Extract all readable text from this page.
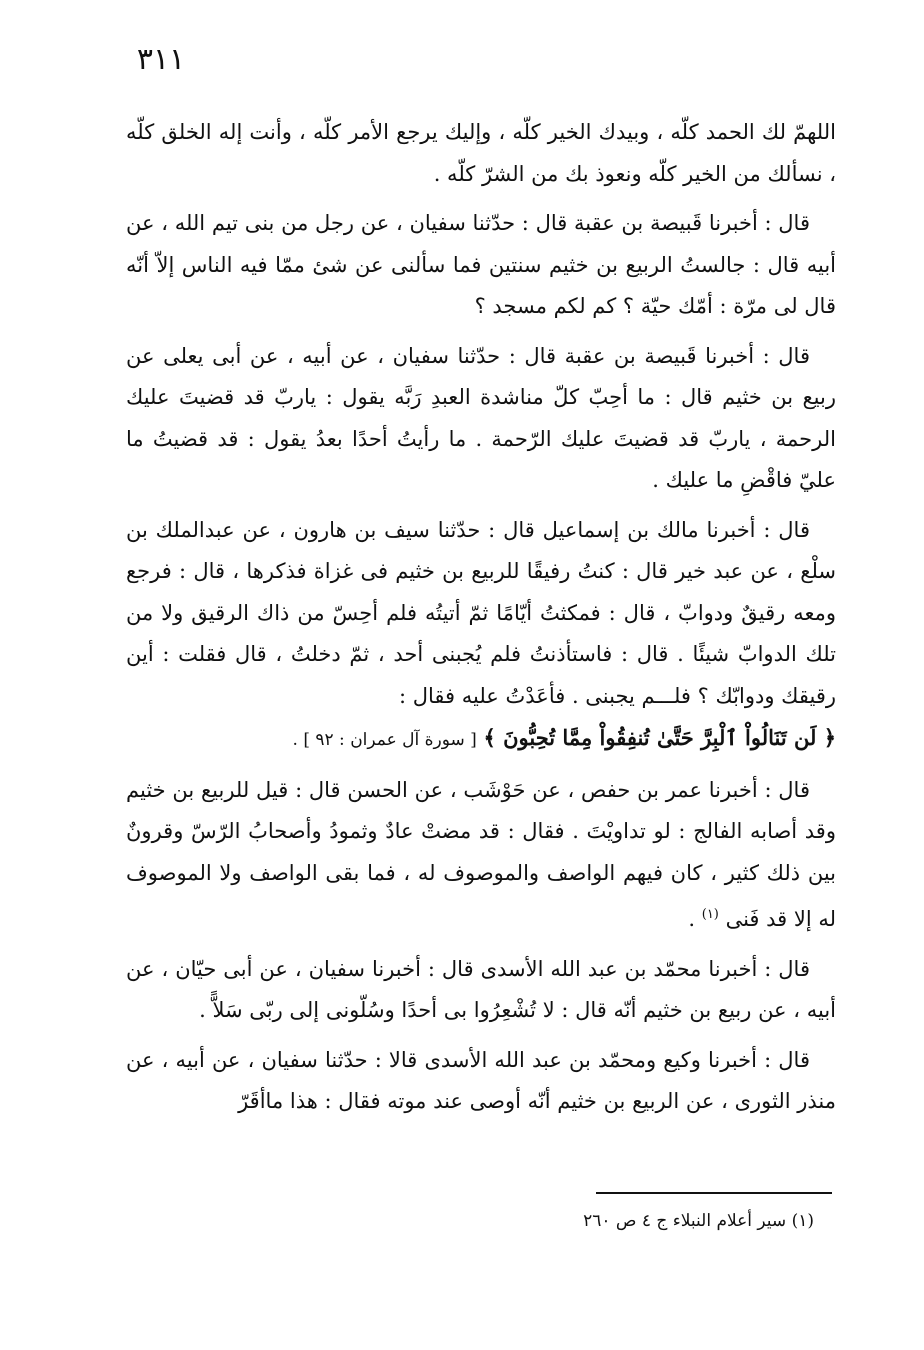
٣١١

اللهمّ لك الحمد كلّه ، وبيدك الخير كلّه ، وإليك يرجع الأمر كلّه ، وأنت إله الخلق كلّه ، نسألك من الخير كلّه ونعوذ بك من الشرّ كلّه .

قال : أخبرنا قَبيصة بن عقبة قال : حدّثنا سفيان ، عن رجل من بنى تيم الله ، عن أبيه قال : جالستُ الربيع بن خثيم سنتين فما سألنى عن شئ ممّا فيه الناس إلاّ أنّه قال لى مرّة : أمّك حيّة ؟ كم لكم مسجد ؟

قال : أخبرنا قَبيصة بن عقبة قال : حدّثنا سفيان ، عن أبيه ، عن أبى يعلى عن ربيع بن خثيم قال : ما أحِبّ كلّ مناشدة العبدِ رَبَّه يقول : ياربّ قد قضيتَ عليك الرحمة ، ياربّ قد قضيتَ عليك الرّحمة . ما رأيتُ أحدًا بعدُ يقول : قد قضيتُ ما عليّ فاقْضِ ما عليك .

قال : أخبرنا مالك بن إسماعيل قال : حدّثنا سيف بن هارون ، عن عبدالملك بن سلْع ، عن عبد خير قال : كنتُ رفيقًا للربيع بن خثيم فى غزاة فذكرها ، قال : فرجع ومعه رقيقٌ ودوابّ ، قال : فمكثتُ أيّامًا ثمّ أتيتُه فلم أحِسّ من ذاك الرقيق ولا من تلك الدوابّ شيئًا . قال : فاستأذنتُ فلم يُجبنى أحد ، ثمّ دخلتُ ، قال فقلت : أين رقيقك ودوابّك ؟ فلـــم يجبنى . فأعَدْتُ عليه فقال :

﴿ لَن تَنَالُواْ ٱلْبِرَّ حَتَّىٰ تُنفِقُواْ مِمَّا تُحِبُّونَ ﴾ [ سورة آل عمران : ٩٢ ] .

قال : أخبرنا عمر بن حفص ، عن حَوْشَب ، عن الحسن قال : قيل للربيع بن خثيم وقد أصابه الفالج : لو تداويْتَ . فقال : قد مضتْ عادٌ وثمودُ وأصحابُ الرّسّ وقرونٌ بين ذلك كثير ، كان فيهم الواصف والموصوف له ، فما بقى الواصف ولا الموصوف له إلا قد فَنى $^{(١)}$ .

قال : أخبرنا محمّد بن عبد الله الأسدى قال : أخبرنا سفيان ، عن أبى حيّان ، عن أبيه ، عن ربيع بن خثيم أنّه قال : لا تُشْعِرُوا بى أحدًا وسُلّونى إلى ربّى سَلاًّ .

قال : أخبرنا وكيع ومحمّد بن عبد الله الأسدى قالا : حدّثنا سفيان ، عن أبيه ، عن منذر الثورى ، عن الربيع بن خثيم أنّه أوصى عند موته فقال : هذا ماأقَرّ

(١) سير أعلام النبلاء ج ٤ ص ٢٦٠
